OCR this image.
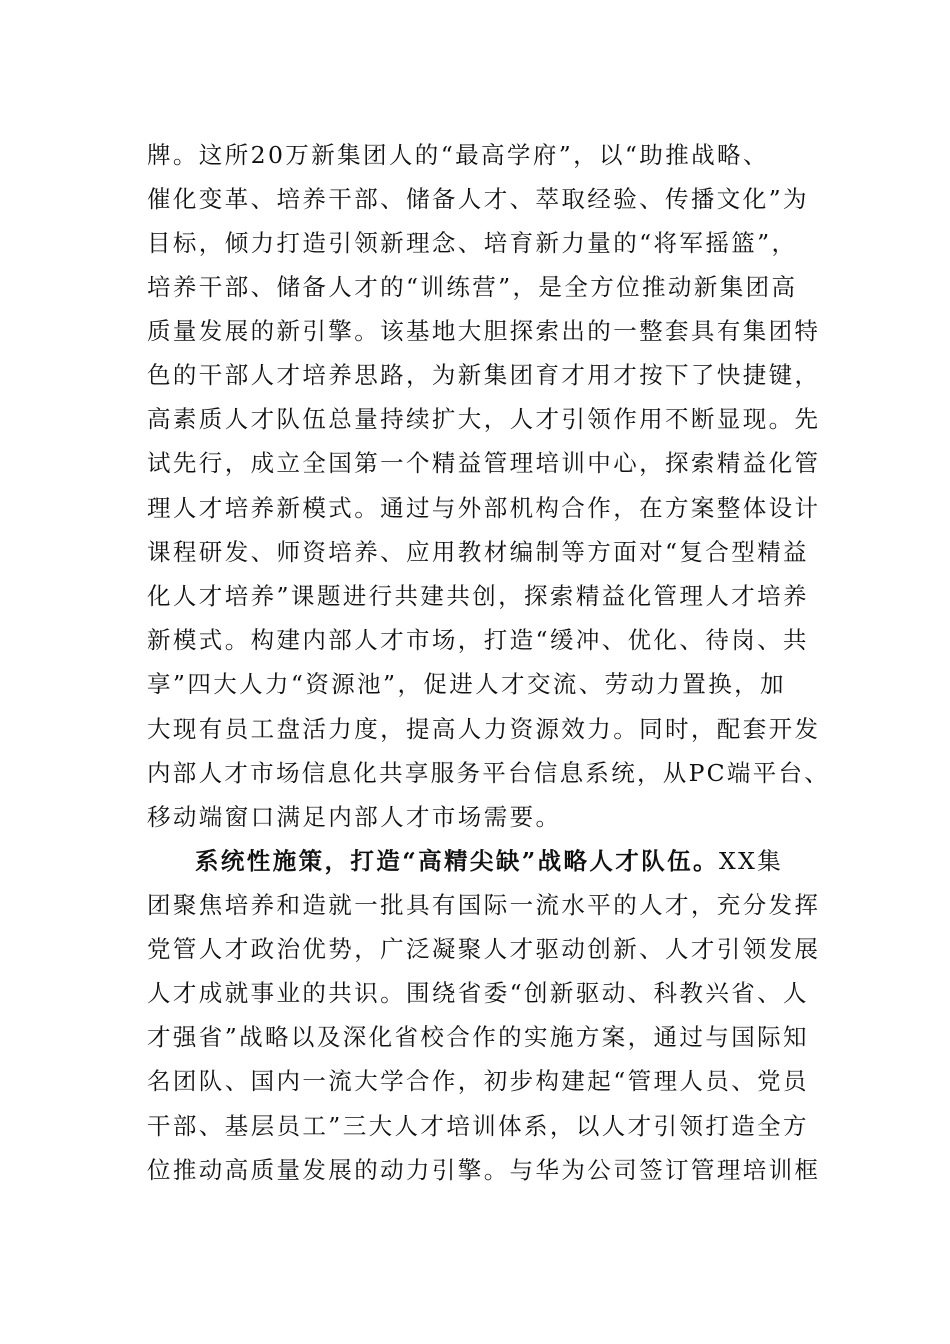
牌。这所20万新集团人的“最高学府”，以“助推战略、
催化变革、培养干部、储备人才、萃取经验、传播文化”为
目标，倾力打造引领新理念、培育新力量的“将军摇篮”，
培养干部、储备人才的“训练营”，是全方位推动新集团高
质量发展的新引擎。该基地大胆探索出的一整套具有集团特
色的干部人才培养思路，为新集团育才用才按下了快捷键，
高素质人才队伍总量持续扩大，人才引领作用不断显现。先
试先行，成立全国第一个精益管理培训中心，探索精益化管
理人才培养新模式。通过与外部机构合作，在方案整体设计
课程研发、师资培养、应用教材编制等方面对“复合型精益
化人才培养”课题进行共建共创，探索精益化管理人才培养
新模式。构建内部人才市场，打造“缓冲、优化、待岗、共
享”四大人力“资源池”，促进人才交流、劳动力置换，加
大现有员工盘活力度，提高人力资源效力。同时，配套开发
内部人才市场信息化共享服务平台信息系统，从PC端平台、
移动端窗口满足内部人才市场需要。
系统性施策，打造“高精尖缺”战略人才队伍。XX集
团聚焦培养和造就一批具有国际一流水平的人才，充分发挥
党管人才政治优势，广泛凝聚人才驱动创新、人才引领发展
人才成就事业的共识。围绕省委“创新驱动、科教兴省、人
才强省”战略以及深化省校合作的实施方案，通过与国际知
名团队、国内一流大学合作，初步构建起“管理人员、党员
干部、基层员工”三大人才培训体系，以人才引领打造全方
位推动高质量发展的动力引擎。与华为公司签订管理培训框
